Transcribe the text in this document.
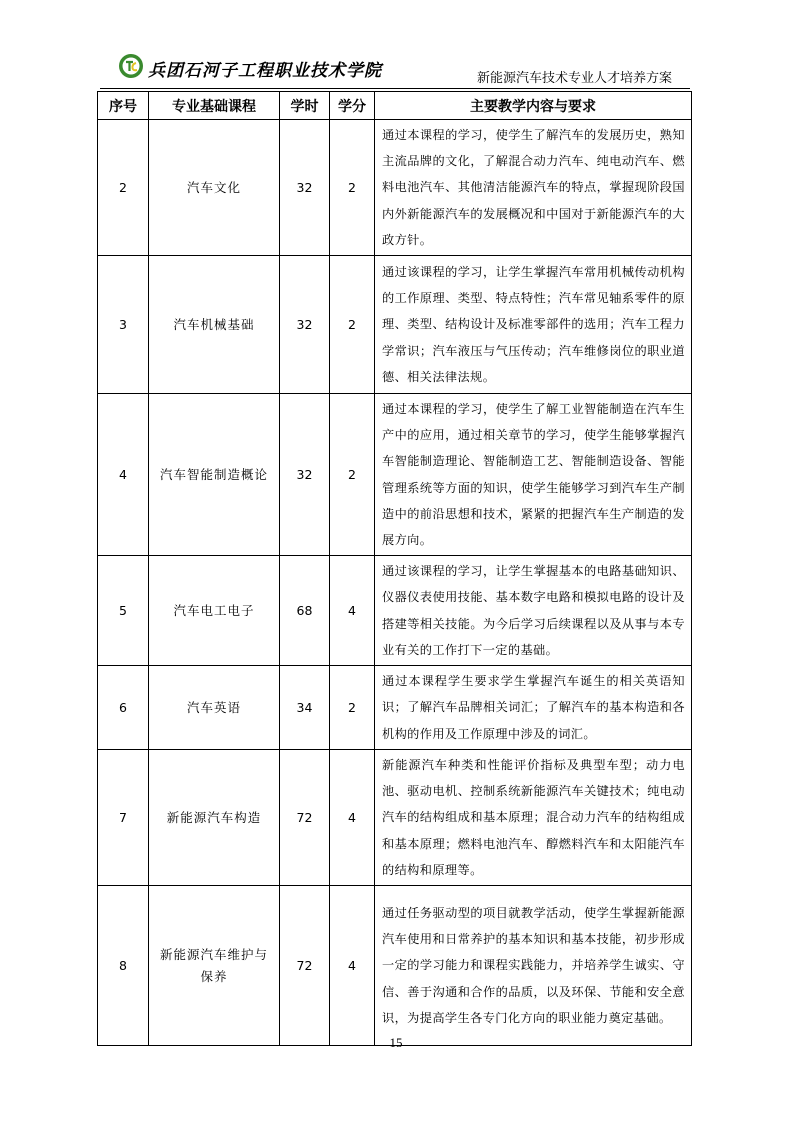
兵团石河子工程职业技术学院	新能源汽车技术专业人才培养方案
序号	专业基础课程	学时	学分	主要教学内容与要求
2	汽车文化	32	2	通过本课程的学习，使学生了解汽车的发展历史，熟知主流品牌的文化，了解混合动力汽车、纯电动汽车、燃料电池汽车、其他清洁能源汽车的特点，掌握现阶段国内外新能源汽车的发展概况和中国对于新能源汽车的大政方针。
3	汽车机械基础	32	2	通过该课程的学习，让学生掌握汽车常用机械传动机构的工作原理、类型、特点特性；汽车常见轴系零件的原理、类型、结构设计及标准零部件的选用；汽车工程力学常识；汽车液压与气压传动；汽车维修岗位的职业道德、相关法律法规。
4	汽车智能制造概论	32	2	通过本课程的学习，使学生了解工业智能制造在汽车生产中的应用，通过相关章节的学习，使学生能够掌握汽车智能制造理论、智能制造工艺、智能制造设备、智能管理系统等方面的知识，使学生能够学习到汽车生产制造中的前沿思想和技术，紧紧的把握汽车生产制造的发展方向。
5	汽车电工电子	68	4	通过该课程的学习，让学生掌握基本的电路基础知识、仪器仪表使用技能、基本数字电路和模拟电路的设计及搭建等相关技能。为今后学习后续课程以及从事与本专业有关的工作打下一定的基础。
6	汽车英语	34	2	通过本课程学生要求学生掌握汽车诞生的相关英语知识；了解汽车品牌相关词汇；了解汽车的基本构造和各机构的作用及工作原理中涉及的词汇。
7	新能源汽车构造	72	4	新能源汽车种类和性能评价指标及典型车型；动力电池、驱动电机、控制系统新能源汽车关键技术；纯电动汽车的结构组成和基本原理；混合动力汽车的结构组成和基本原理；燃料电池汽车、醇燃料汽车和太阳能汽车的结构和原理等。
8	新能源汽车维护与保养	72	4	通过任务驱动型的项目就教学活动，使学生掌握新能源汽车使用和日常养护的基本知识和基本技能，初步形成一定的学习能力和课程实践能力，并培养学生诚实、守信、善于沟通和合作的品质，以及环保、节能和安全意识，为提高学生各专门化方向的职业能力奠定基础。
15
